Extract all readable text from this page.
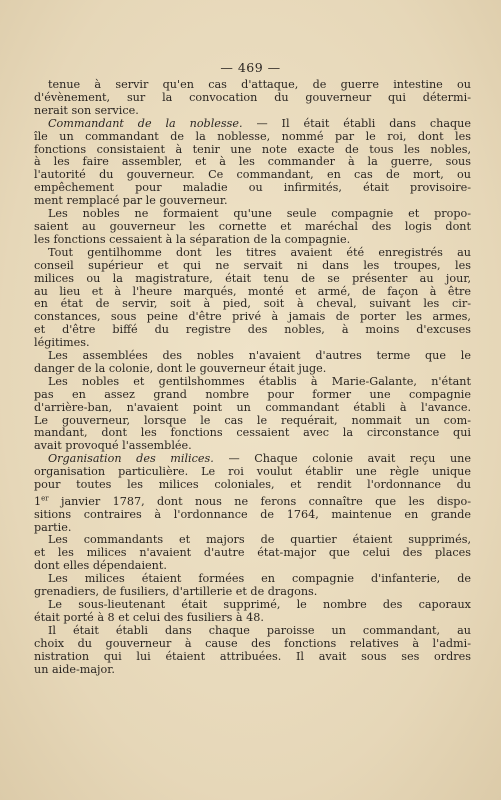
— 469 —
tenue à servir qu'en cas d'attaque, de guerre intestine ou
d'évènement, sur la convocation du gouverneur qui détermi-
nerait son service.
Commandant de la noblesse. — Il était établi dans chaque
île un commandant de la noblesse, nommé par le roi, dont les
fonctions consistaient à tenir une note exacte de tous les nobles,
à les faire assembler, et à les commander à la guerre, sous
l'autorité du gouverneur. Ce commandant, en cas de mort, ou
empêchement pour maladie ou infirmités, était provisoire-
ment remplacé par le gouverneur.
Les nobles ne formaient qu'une seule compagnie et propo-
saient au gouverneur les cornette et maréchal des logis dont
les fonctions cessaient à la séparation de la compagnie.
Tout gentilhomme dont les titres avaient été enregistrés au
conseil supérieur et qui ne servait ni dans les troupes, les
milices ou la magistrature, était tenu de se présenter au jour,
au lieu et à l'heure marqués, monté et armé, de façon à être
en état de servir, soit à pied, soit à cheval, suivant les cir-
constances, sous peine d'être privé à jamais de porter les armes,
et d'être biffé du registre des nobles, à moins d'excuses
légitimes.
Les assemblées des nobles n'avaient d'autres terme que le
danger de la colonie, dont le gouverneur était juge.
Les nobles et gentilshommes établis à Marie-Galante, n'étant
pas en assez grand nombre pour former une compagnie
d'arrière-ban, n'avaient point un commandant établi à l'avance.
Le gouverneur, lorsque le cas le requérait, nommait un com-
mandant, dont les fonctions cessaient avec la circonstance qui
avait provoqué l'assemblée.
Organisation des milices. — Chaque colonie avait reçu une
organisation particulière. Le roi voulut établir une règle unique
pour toutes les milices coloniales, et rendit l'ordonnance du
1er janvier 1787, dont nous ne ferons connaître que les dispo-
sitions contraires à l'ordonnance de 1764, maintenue en grande
partie.
Les commandants et majors de quartier étaient supprimés,
et les milices n'avaient d'autre état-major que celui des places
dont elles dépendaient.
Les milices étaient formées en compagnie d'infanterie, de
grenadiers, de fusiliers, d'artillerie et de dragons.
Le sous-lieutenant était supprimé, le nombre des caporaux
était porté à 8 et celui des fusiliers à 48.
Il était établi dans chaque paroisse un commandant, au
choix du gouverneur à cause des fonctions relatives à l'admi-
nistration qui lui étaient attribuées. Il avait sous ses ordres
un aide-major.
